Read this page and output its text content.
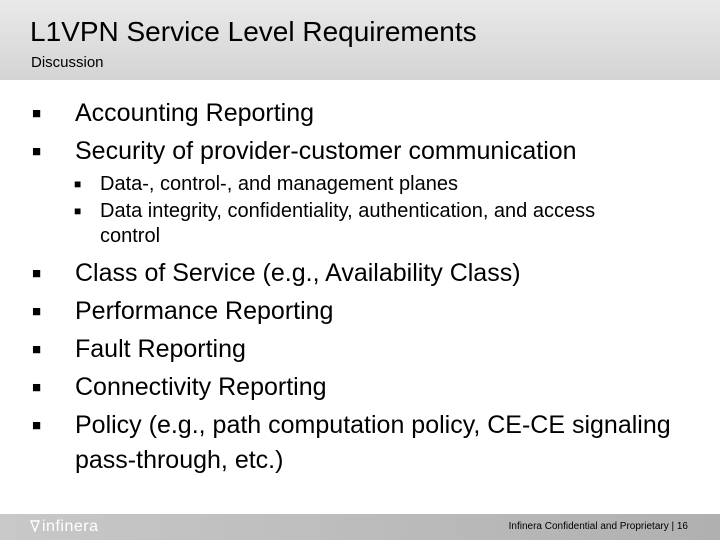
L1VPN Service Level Requirements
Discussion
■ Accounting Reporting
■ Security of provider-customer communication
■ Data-, control-, and management planes
■ Data integrity, confidentiality, authentication, and access control
■ Class of Service (e.g., Availability Class)
■ Performance Reporting
■ Fault Reporting
■ Connectivity Reporting
■ Policy (e.g., path computation policy, CE-CE signaling pass-through, etc.)
infinera	Infinera Confidential and Proprietary | 16
